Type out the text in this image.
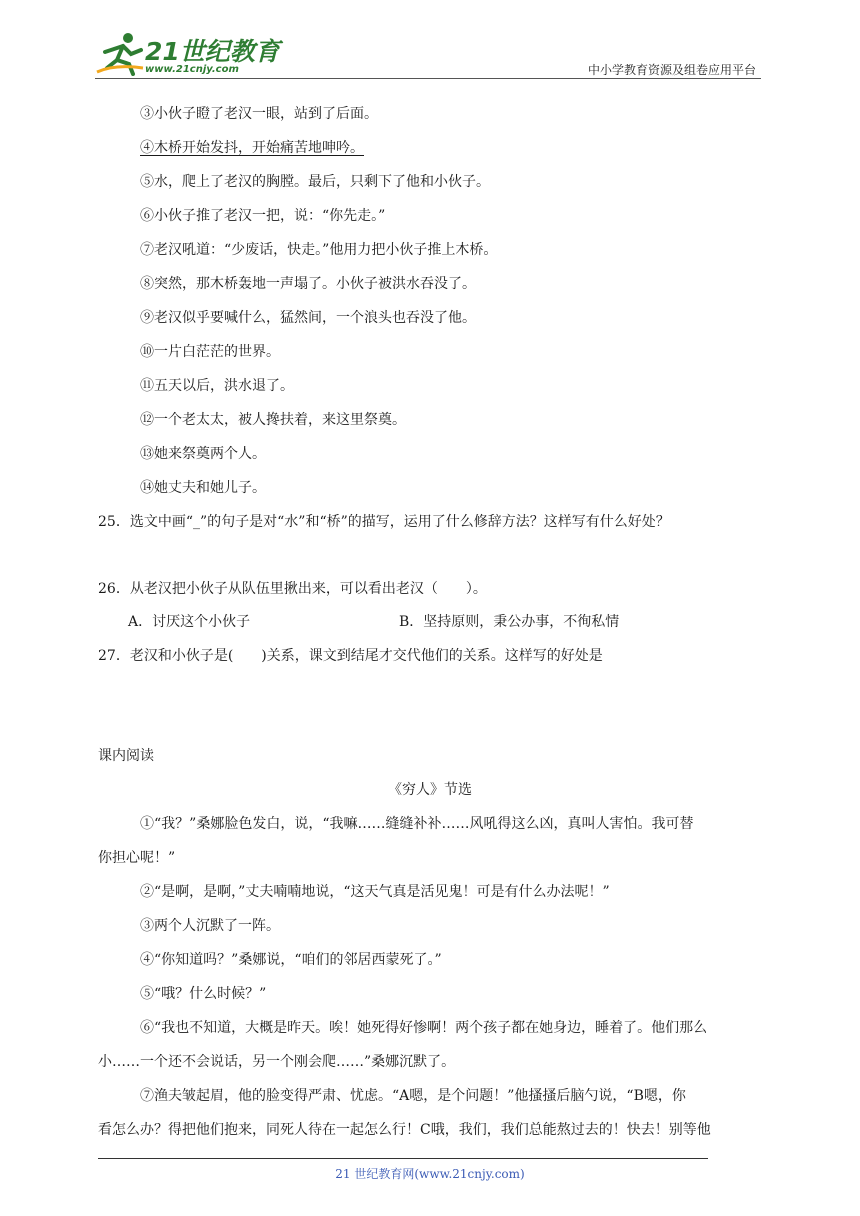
21世纪教育
www.21cnjy.com	中小学教育资源及组卷应用平台
③小伙子瞪了老汉一眼，站到了后面。
④木桥开始发抖，开始痛苦地呻吟。
⑤水，爬上了老汉的胸膛。最后，只剩下了他和小伙子。
⑥小伙子推了老汉一把，说：“你先走。”
⑦老汉吼道：“少废话，快走。”他用力把小伙子推上木桥。
⑧突然，那木桥轰地一声塌了。小伙子被洪水吞没了。
⑨老汉似乎要喊什么，猛然间，一个浪头也吞没了他。
⑩一片白茫茫的世界。
⑪五天以后，洪水退了。
⑫一个老太太，被人搀扶着，来这里祭奠。
⑬她来祭奠两个人。
⑭她丈夫和她儿子。
25．选文中画“_”的句子是对“水”和“桥”的描写，运用了什么修辞方法？这样写有什么好处？
26．从老汉把小伙子从队伍里揪出来，可以看出老汉（　　）。
A．讨厌这个小伙子	B．坚持原则，秉公办事，不徇私情
27．老汉和小伙子是(　　)关系，课文到结尾才交代他们的关系。这样写的好处是
课内阅读
《穷人》节选
①“我？”桑娜脸色发白，说，“我嘛……缝缝补补……风吼得这么凶，真叫人害怕。我可替
你担心呢！”
②“是啊，是啊，”丈夫喃喃地说，“这天气真是活见鬼！可是有什么办法呢！”
③两个人沉默了一阵。
④“你知道吗？”桑娜说，“咱们的邻居西蒙死了。”
⑤“哦？什么时候？”
⑥“我也不知道，大概是昨天。唉！她死得好惨啊！两个孩子都在她身边，睡着了。他们那么
小……一个还不会说话，另一个刚会爬……”桑娜沉默了。
⑦渔夫皱起眉，他的脸变得严肃、忧虑。“A嗯，是个问题！”他搔搔后脑勺说，“B嗯，你
看怎么办？得把他们抱来，同死人待在一起怎么行！C哦，我们，我们总能熬过去的！快去！别等他
21 世纪教育网(www.21cnjy.com)
